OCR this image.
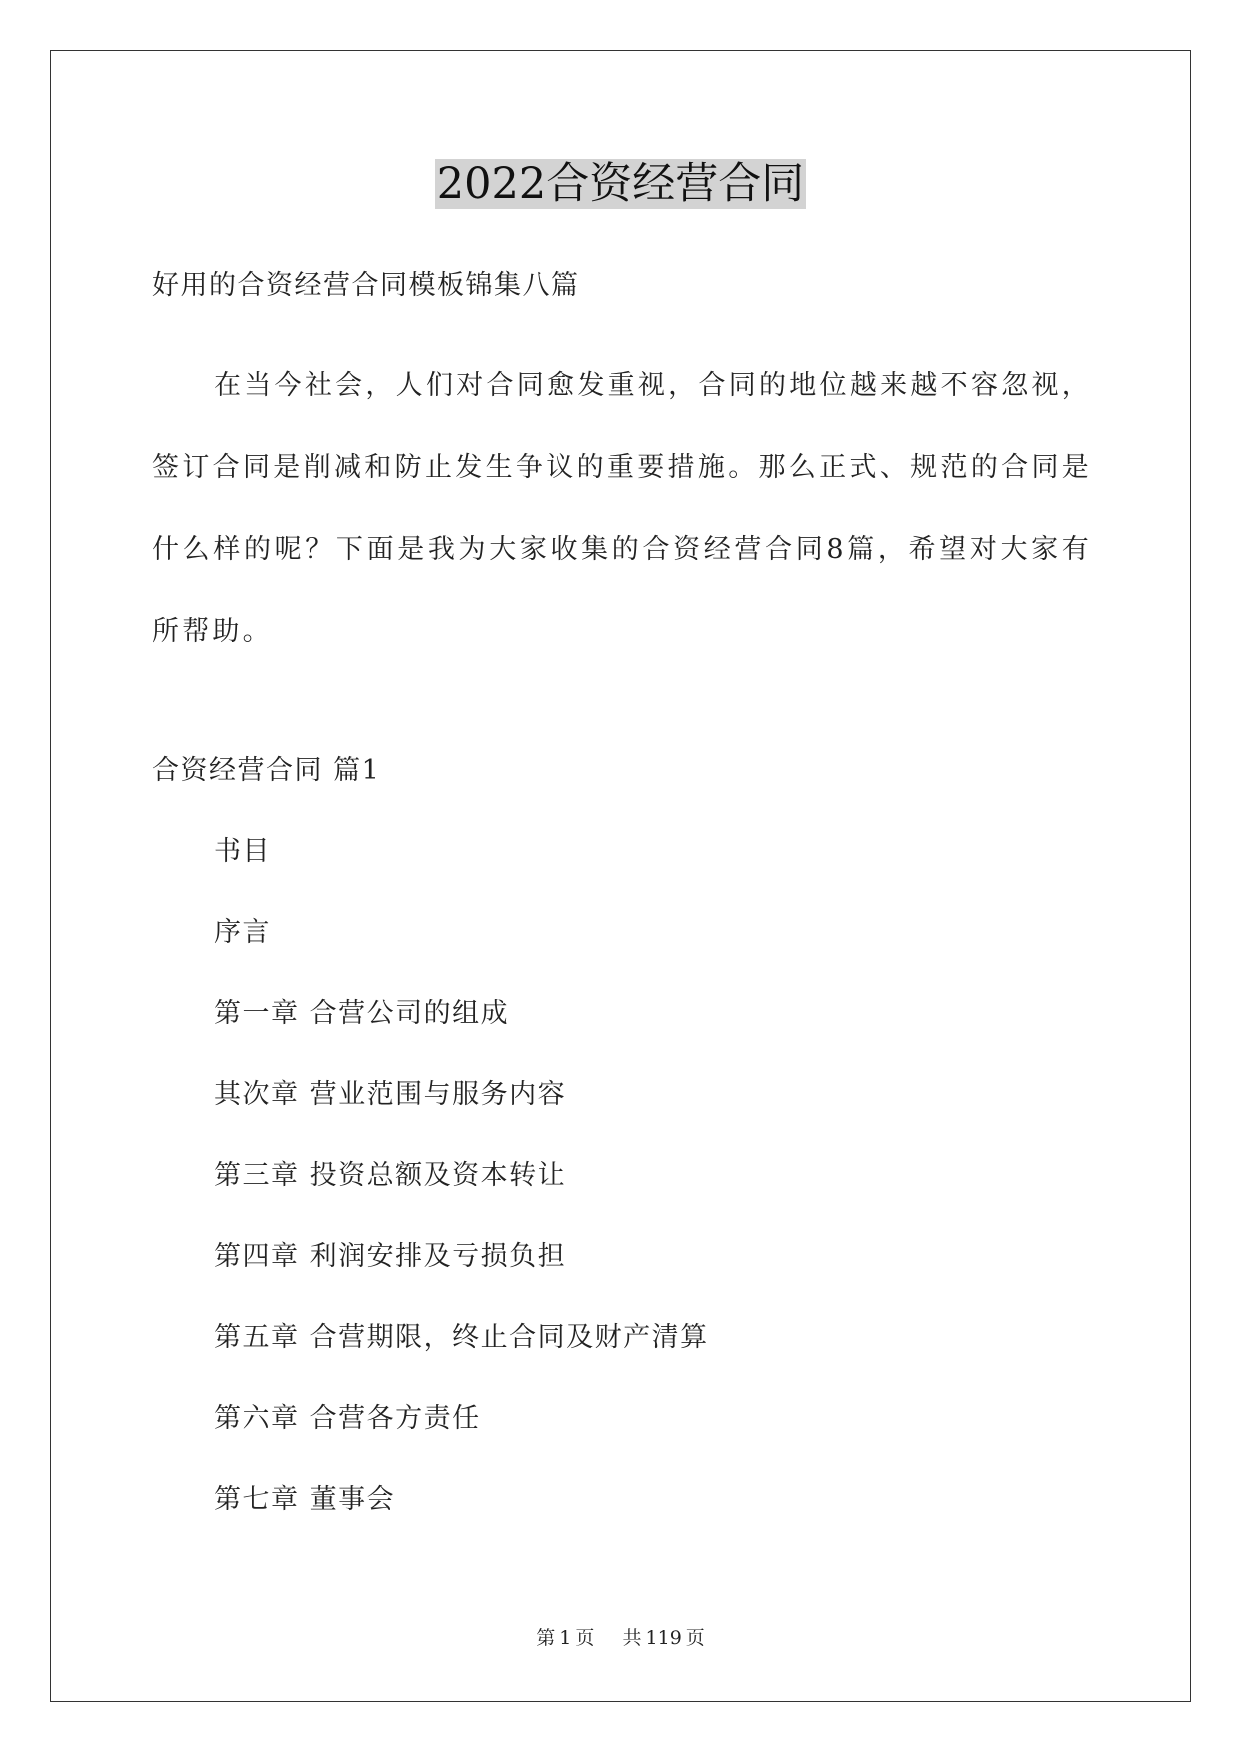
2022合资经营合同

好用的合资经营合同模板锦集八篇

在当今社会，人们对合同愈发重视，合同的地位越来越不容忽视，签订合同是削减和防止发生争议的重要措施。那么正式、规范的合同是什么样的呢？下面是我为大家收集的合资经营合同8篇，希望对大家有所帮助。

合资经营合同 篇1

书目

序言

第一章 合营公司的组成

其次章 营业范围与服务内容

第三章 投资总额及资本转让

第四章 利润安排及亏损负担

第五章 合营期限，终止合同及财产清算

第六章 合营各方责任

第七章 董事会

第 1 页 共 119 页
